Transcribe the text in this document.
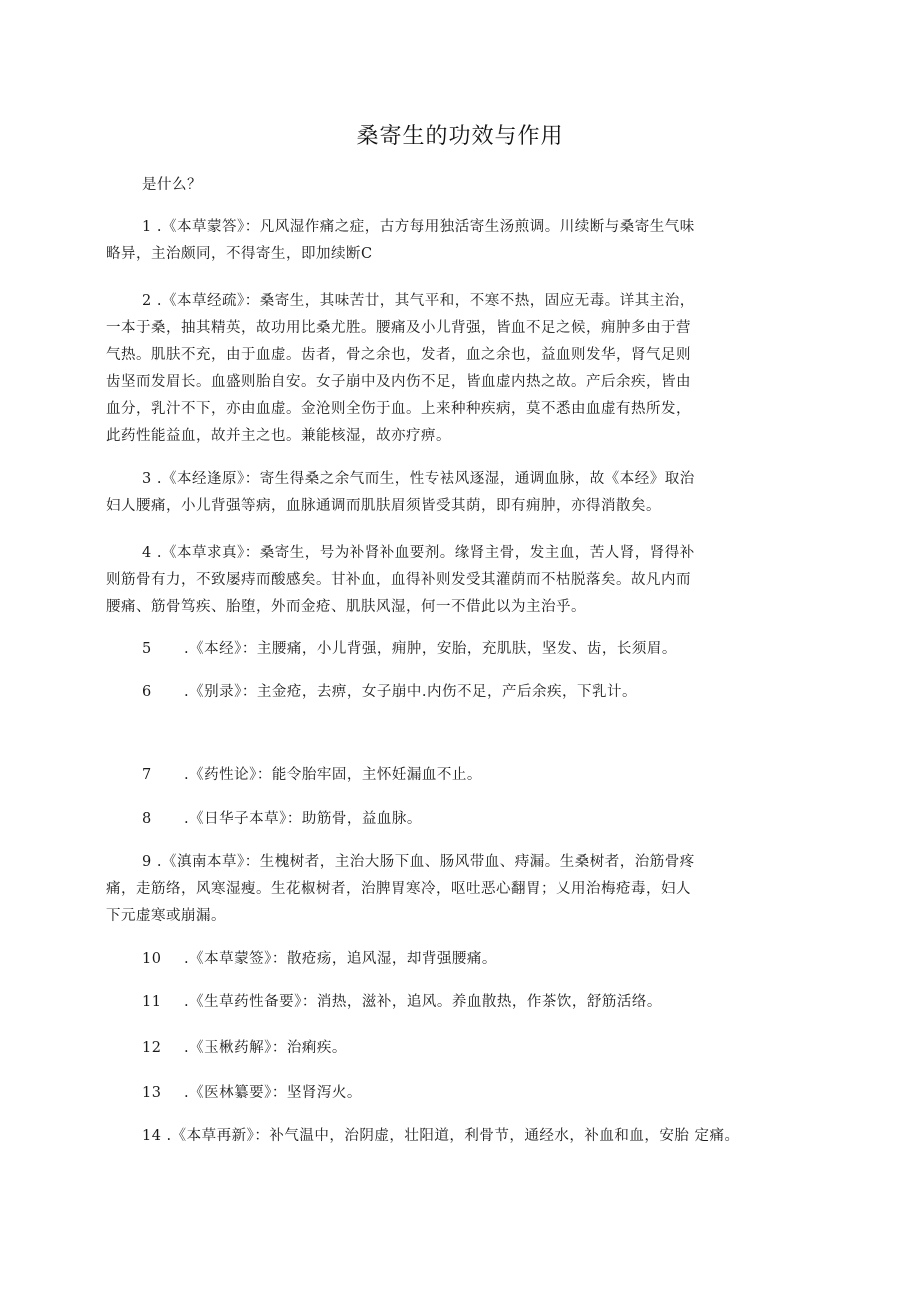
桑寄生的功效与作用
是什么？
1 .《本草蒙答》：凡风湿作痛之症，古方每用独活寄生汤煎调。川续断与桑寄生气味
略异，主治颇同，不得寄生，即加续断C
2 .《本草经疏》：桑寄生，其味苦廿，其气平和，不寒不热，固应无毒。详其主治，
一本于桑，抽其精英，故功用比桑尤胜。腰痛及小儿背强，皆血不足之候，痈肿多由于营
气热。肌肤不充，由于血虚。齿者，骨之余也，发者，血之余也，益血则发华，肾气足则
齿坚而发眉长。血盛则胎自安。女子崩中及内伤不足，皆血虚内热之故。产后余疾，皆由
血分，乳汁不下，亦由血虚。金沧则全伤于血。上来种种疾病，莫不悉由血虚有热所发，
此药性能益血，故并主之也。兼能核湿，故亦疗痹。
3 .《本经逢原》：寄生得桑之余气而生，性专袪风逐湿，通调血脉，故《本经》取治
妇人腰痛，小儿背强等病，血脉通调而肌肤眉须皆受其荫，即有痈肿，亦得消散矣。
4 .《本草求真》：桑寄生，号为补肾补血要剂。缘肾主骨，发主血，苦人肾，肾得补
则筋骨有力，不致屡痔而酸感矣。甘补血，血得补则发受其灌荫而不枯脱落矣。故凡内而
腰痛、筋骨笃疾、胎堕，外而金疮、肌肤风湿，何一不借此以为主治乎。
5 .《本经》：主腰痛，小儿背强，痈肿，安胎，充肌肤，坚发、齿，长须眉。
6 .《别录》：主金疮，去痹，女子崩中.内伤不足，产后余疾，下乳计。
7 .《药性论》：能令胎牢固，主怀妊漏血不止。
8 .《日华子本草》：助筋骨，益血脉。
9 .《滇南本草》：生槐树者，主治大肠下血、肠风带血、痔漏。生桑树者，治筋骨疼
痛，走筋络，风寒湿瘦。生花椒树者，治脾胃寒冷，呕吐恶心翻胃；乂用治梅疮毒，妇人
下元虚寒或崩漏。
10 .《本草蒙签》：散疮疡，追风湿，却背强腰痛。
11 .《生草药性备要》：消热，滋补，追风。养血散热，作茶饮，舒筋活络。
12 .《玉楸药解》：治痢疾。
13 .《医林纂要》：坚肾泻火。
14 .《本草再新》：补气温中，治阴虚，壮阳道，利骨节，通经水，补血和血，安胎 定痛。
